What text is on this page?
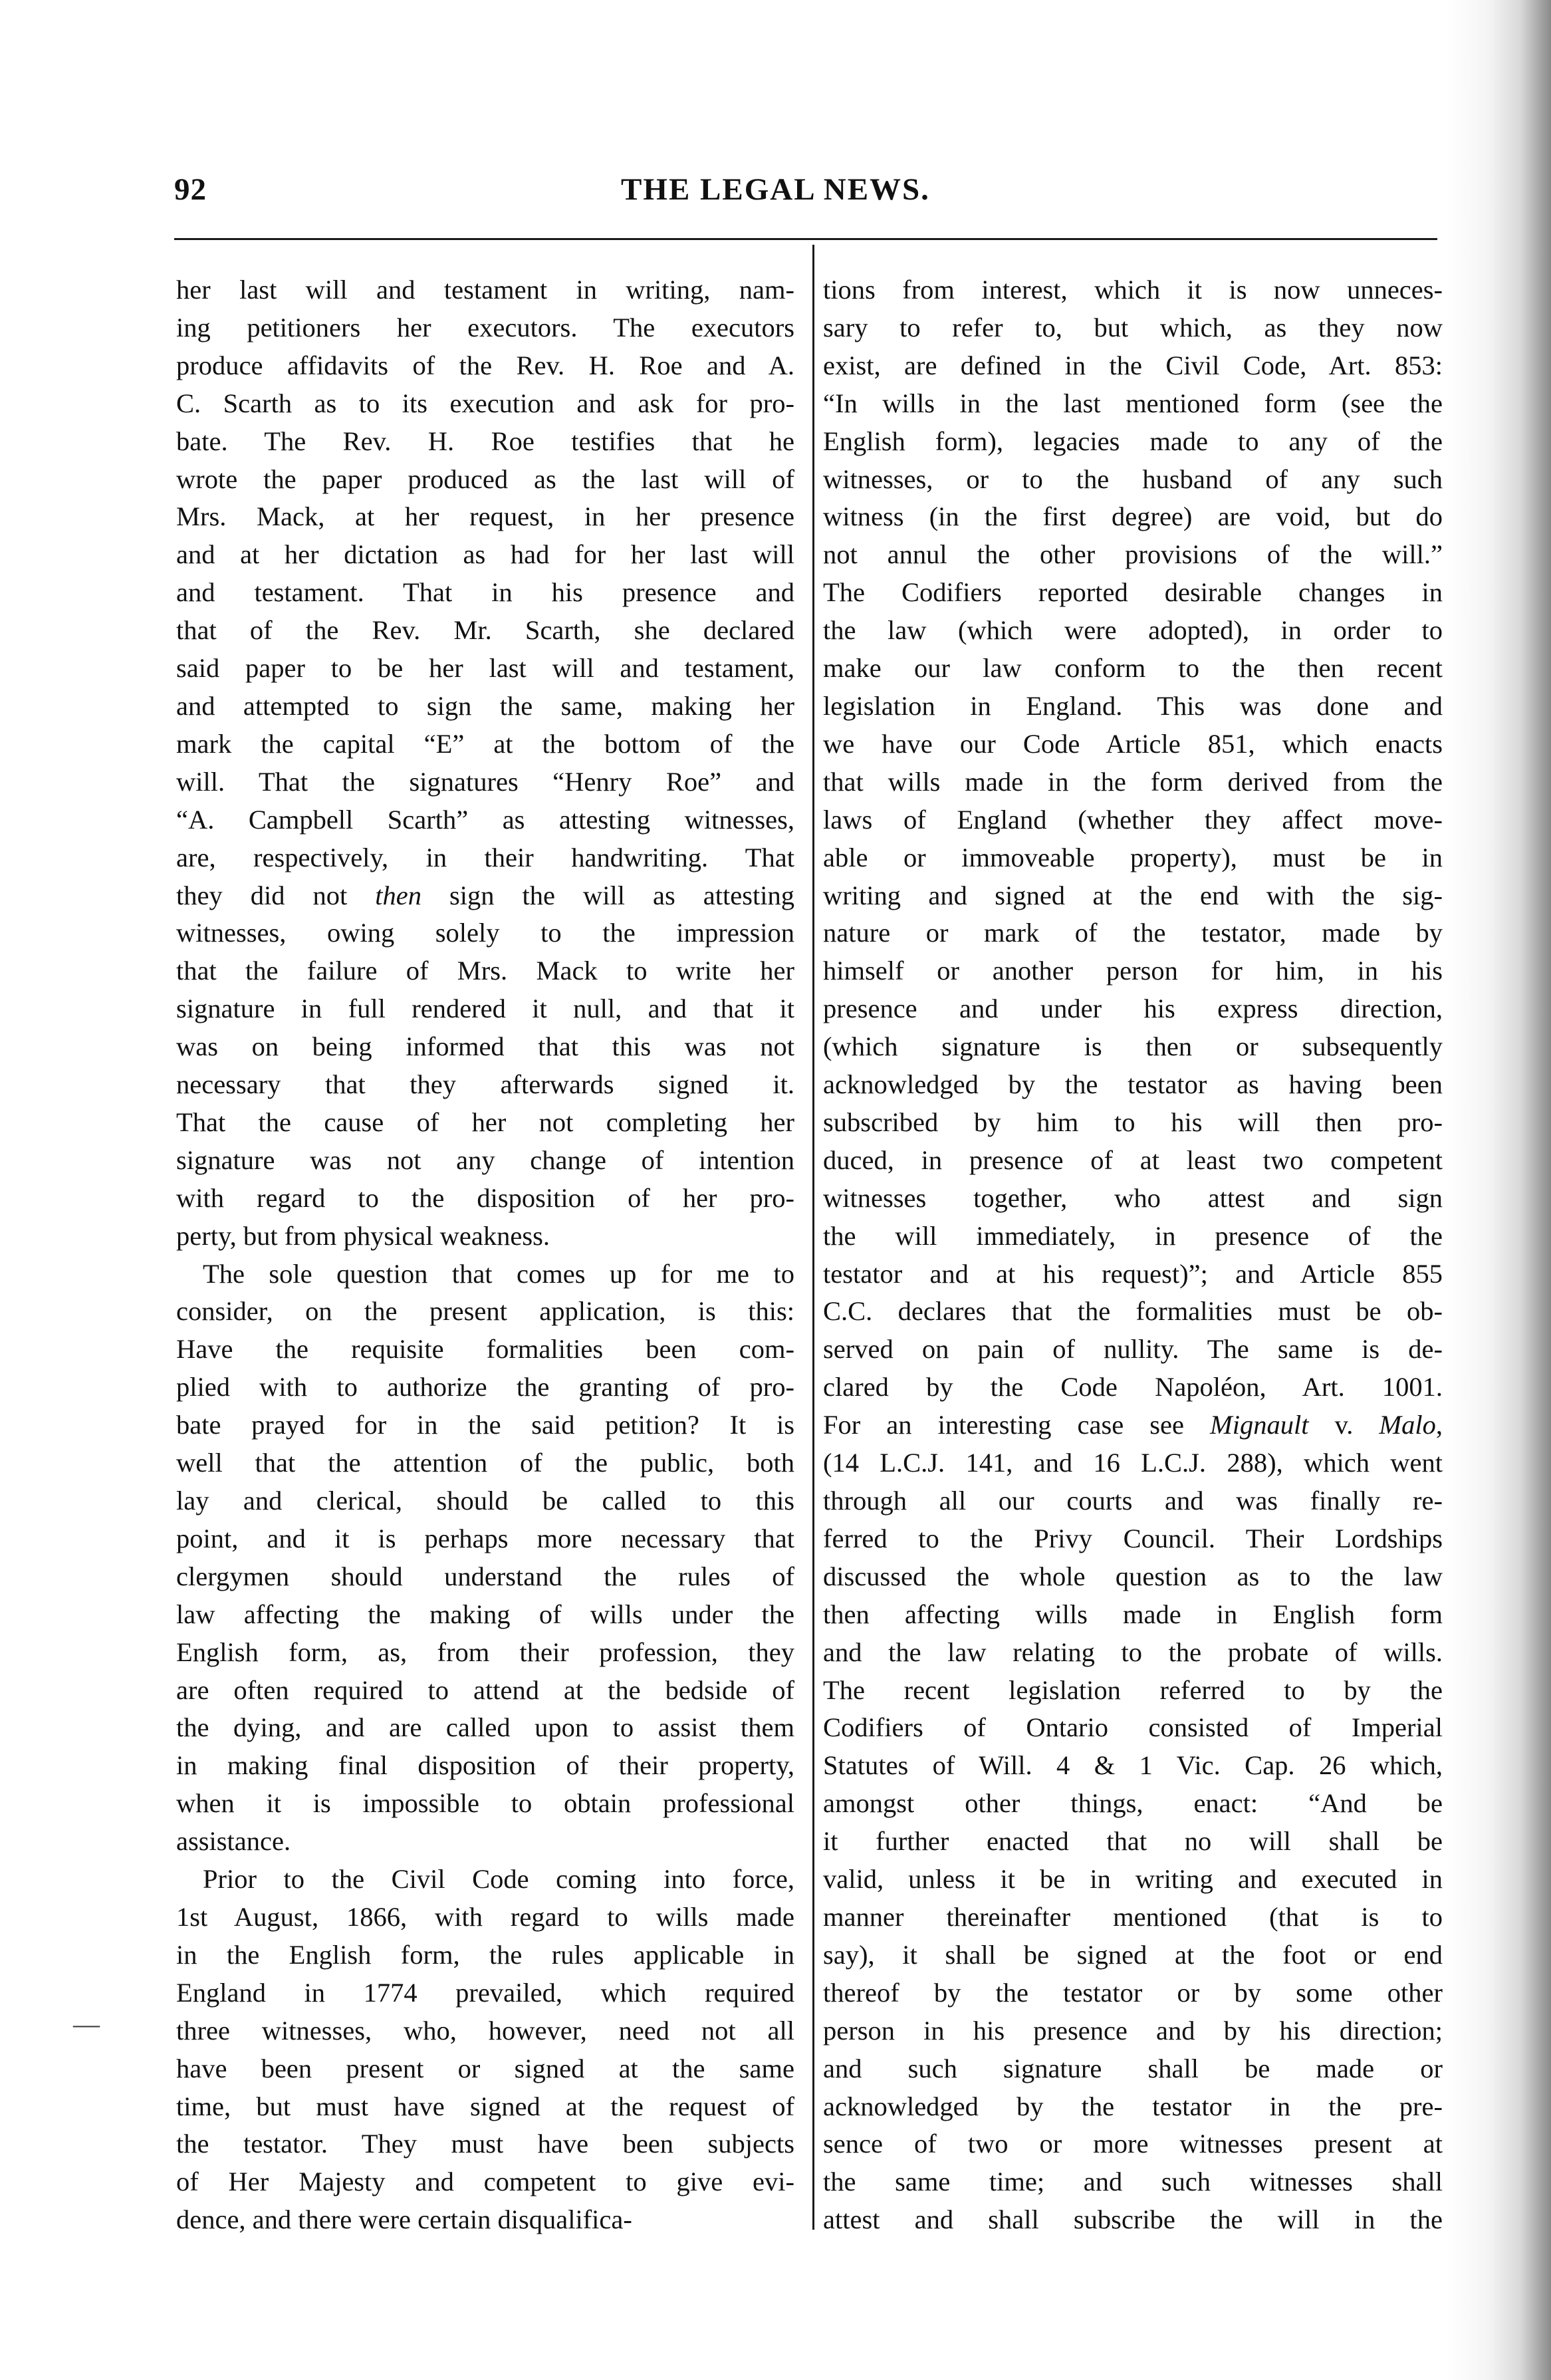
92	THE LEGAL NEWS.
her last will and testament in writing, nam-
ing petitioners her executors. The executors
produce affidavits of the Rev. H. Roe and A.
C. Scarth as to its execution and ask for pro-
bate. The Rev. H. Roe testifies that he
wrote the paper produced as the last will of
Mrs. Mack, at her request, in her presence
and at her dictation as had for her last will
and testament. That in his presence and
that of the Rev. Mr. Scarth, she declared
said paper to be her last will and testament,
and attempted to sign the same, making her
mark the capital “E” at the bottom of the
will. That the signatures “Henry Roe” and
“A. Campbell Scarth” as attesting witnesses,
are, respectively, in their handwriting. That
they did not then sign the will as attesting
witnesses, owing solely to the impression
that the failure of Mrs. Mack to write her
signature in full rendered it null, and that it
was on being informed that this was not
necessary that they afterwards signed it.
That the cause of her not completing her
signature was not any change of intention
with regard to the disposition of her pro-
perty, but from physical weakness.
The sole question that comes up for me to
consider, on the present application, is this:
Have the requisite formalities been com-
plied with to authorize the granting of pro-
bate prayed for in the said petition? It is
well that the attention of the public, both
lay and clerical, should be called to this
point, and it is perhaps more necessary that
clergymen should understand the rules of
law affecting the making of wills under the
English form, as, from their profession, they
are often required to attend at the bedside of
the dying, and are called upon to assist them
in making final disposition of their property,
when it is impossible to obtain professional
assistance.
Prior to the Civil Code coming into force,
1st August, 1866, with regard to wills made
in the English form, the rules applicable in
England in 1774 prevailed, which required
three witnesses, who, however, need not all
have been present or signed at the same
time, but must have signed at the request of
the testator. They must have been subjects
of Her Majesty and competent to give evi-
dence, and there were certain disqualifica-
tions from interest, which it is now unneces-
sary to refer to, but which, as they now
exist, are defined in the Civil Code, Art. 853:
“In wills in the last mentioned form (see the
English form), legacies made to any of the
witnesses, or to the husband of any such
witness (in the first degree) are void, but do
not annul the other provisions of the will.”
The Codifiers reported desirable changes in
the law (which were adopted), in order to
make our law conform to the then recent
legislation in England. This was done and
we have our Code Article 851, which enacts
that wills made in the form derived from the
laws of England (whether they affect move-
able or immoveable property), must be in
writing and signed at the end with the sig-
nature or mark of the testator, made by
himself or another person for him, in his
presence and under his express direction,
(which signature is then or subsequently
acknowledged by the testator as having been
subscribed by him to his will then pro-
duced, in presence of at least two competent
witnesses together, who attest and sign
the will immediately, in presence of the
testator and at his request)”; and Article 855
C.C. declares that the formalities must be ob-
served on pain of nullity. The same is de-
clared by the Code Napoléon, Art. 1001.
For an interesting case see Mignault v. Malo,
(14 L.C.J. 141, and 16 L.C.J. 288), which went
through all our courts and was finally re-
ferred to the Privy Council. Their Lordships
discussed the whole question as to the law
then affecting wills made in English form
and the law relating to the probate of wills.
The recent legislation referred to by the
Codifiers of Ontario consisted of Imperial
Statutes of Will. 4 & 1 Vic. Cap. 26 which,
amongst other things, enact: “And be
it further enacted that no will shall be
valid, unless it be in writing and executed in
manner thereinafter mentioned (that is to
say), it shall be signed at the foot or end
thereof by the testator or by some other
person in his presence and by his direction;
and such signature shall be made or
acknowledged by the testator in the pre-
sence of two or more witnesses present at
the same time; and such witnesses shall
attest and shall subscribe the will in the
—
